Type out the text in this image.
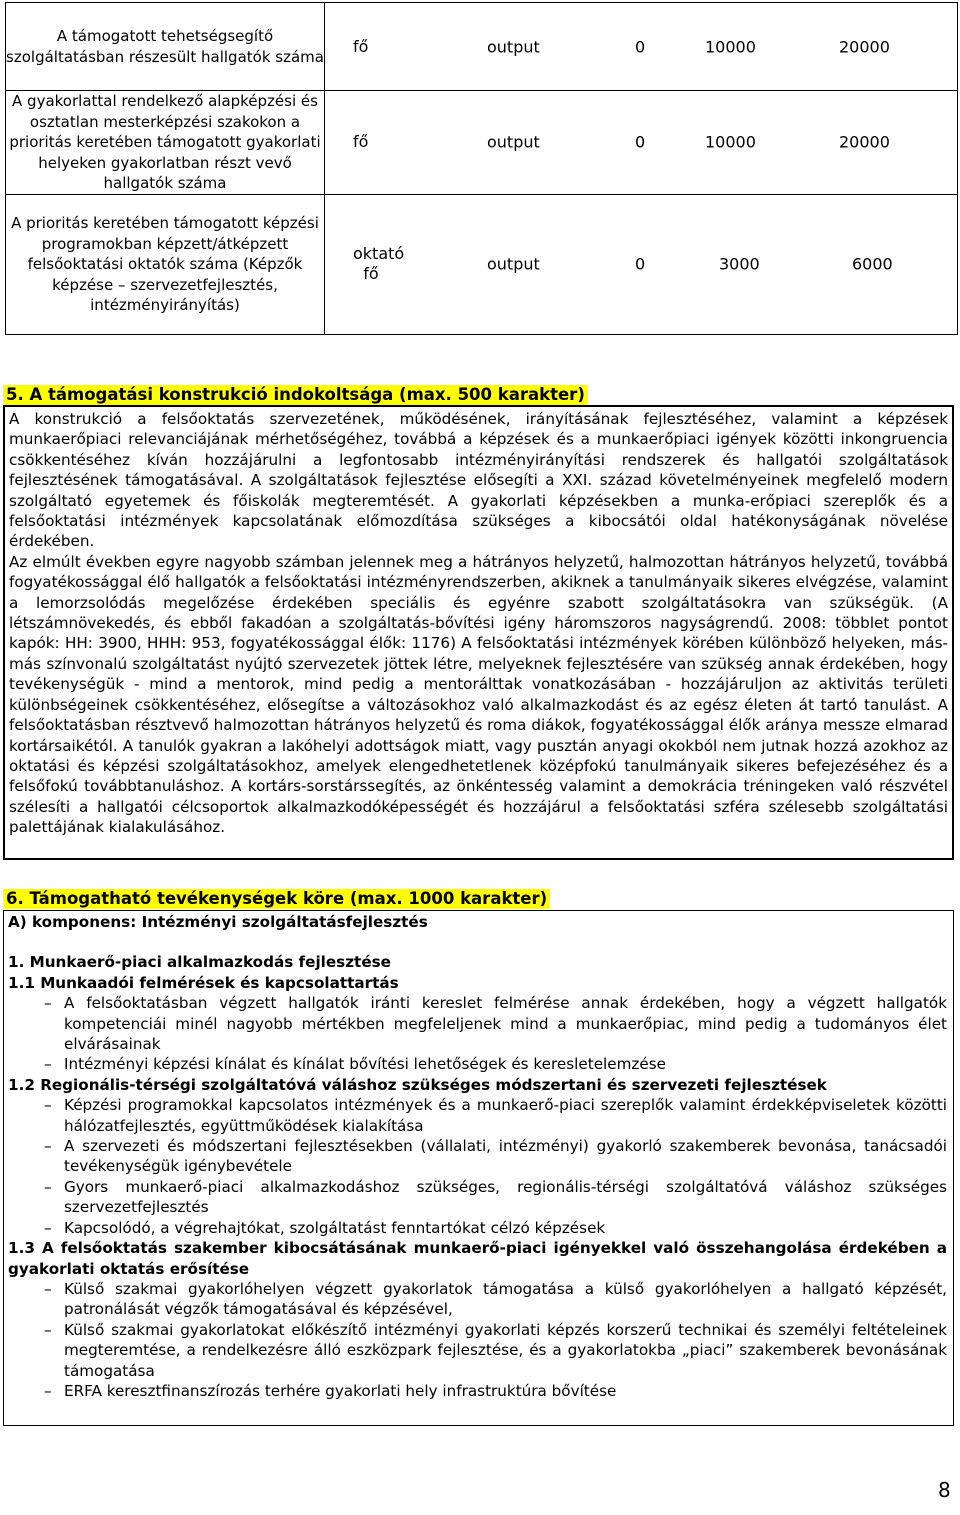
A támogatott tehetségsegítő szolgáltatásban részesült hallgatók száma	fő output 0 10000 20000

A gyakorlattal rendelkező alapképzési és osztatlan mesterképzési szakokon a prioritás keretében támogatott gyakorlati helyeken gyakorlatban részt vevő hallgatók száma	fő output 0 10000 20000

A prioritás keretében támogatott képzési programokban képzett/átképzett felsőoktatási oktatók száma (Képzők képzése – szervezetfejlesztés, intézményirányítás)	oktató fő output 0 3000 6000
5. A támogatási konstrukció indokoltsága (max. 500 karakter)

A konstrukció a felsőoktatás szervezetének, működésének, irányításának fejlesztéséhez, valamint a képzések munkaerőpiaci relevanciájának mérhetőségéhez, továbbá a képzések és a munkaerőpiaci igények közötti inkongruencia csökkentéséhez kíván hozzájárulni a legfontosabb intézményirányítási rendszerek és hallgatói szolgáltatások fejlesztésének támogatásával. A szolgáltatások fejlesztése elősegíti a XXI. század követelményeinek megfelelő modern szolgáltató egyetemek és főiskolák megteremtését. A gyakorlati képzésekben a munka-erőpiaci szereplők és a felsőoktatási intézmények kapcsolatának előmozdítása szükséges a kibocsátói oldal hatékonyságának növelése érdekében.

Az elmúlt években egyre nagyobb számban jelennek meg a hátrányos helyzetű, halmozottan hátrányos helyzetű, továbbá fogyatékossággal élő hallgatók a felsőoktatási intézményrendszerben, akiknek a tanulmányaik sikeres elvégzése, valamint a lemorzsolódás megelőzése érdekében speciális és egyénre szabott szolgáltatásokra van szükségük. (A létszámnövekedés, és ebből fakadóan a szolgáltatás-bővítési igény háromszoros nagyságrendű. 2008: többlet pontot kapók: HH: 3900, HHH: 953, fogyatékossággal élők: 1176) A felsőoktatási intézmények körében különböző helyeken, más-más színvonalú szolgáltatást nyújtó szervezetek jöttek létre, melyeknek fejlesztésére van szükség annak érdekében, hogy tevékenységük - mind a mentorok, mind pedig a mentorálttak vonatkozásában - hozzájáruljon az aktivitás területi különbségeinek csökkentéséhez, elősegítse a változásokhoz való alkalmazkodást és az egész életen át tartó tanulást. A felsőoktatásban résztvevő halmozottan hátrányos helyzetű és roma diákok, fogyatékossággal élők aránya messze elmarad kortársaikétól. A tanulók gyakran a lakóhelyi adottságok miatt, vagy pusztán anyagi okokból nem jutnak hozzá azokhoz az oktatási és képzési szolgáltatásokhoz, amelyek elengedhetetlenek középfokú tanulmányaik sikeres befejezéséhez és a felsőfokú továbbtanuláshoz. A kortárs-sorstárssegítés, az önkéntesség valamint a demokrácia tréningeken való részvétel szélesíti a hallgatói célcsoportok alkalmazkodóképességét és hozzájárul a felsőoktatási szféra szélesebb szolgáltatási palettájának kialakulásához.

6. Támogatható tevékenységek köre (max. 1000 karakter)

A) komponens: Intézményi szolgáltatásfejlesztés

1. Munkaerő-piaci alkalmazkodás fejlesztése

1.1 Munkaadói felmérések és kapcsolattartás

– A felsőoktatásban végzett hallgatók iránti kereslet felmérése annak érdekében, hogy a végzett hallgatók kompetenciái minél nagyobb mértékben megfeleljenek mind a munkaerőpiac, mind pedig a tudományos élet elvárásainak
– Intézményi képzési kínálat és kínálat bővítési lehetőségek és keresletelemzése

1.2 Regionális-térségi szolgáltatóvá váláshoz szükséges módszertani és szervezeti fejlesztések

– Képzési programokkal kapcsolatos intézmények és a munkaerő-piaci szereplők valamint érdekképviseletek közötti hálózatfejlesztés, együttműködések kialakítása
– A szervezeti és módszertani fejlesztésekben (vállalati, intézményi) gyakorló szakemberek bevonása, tanácsadói tevékenységük igénybevétele
– Gyors munkaerő-piaci alkalmazkodáshoz szükséges, regionális-térségi szolgáltatóvá váláshoz szükséges szervezetfejlesztés
– Kapcsolódó, a végrehajtókat, szolgáltatást fenntartókat célzó képzések

1.3 A felsőoktatás szakember kibocsátásának munkaerő-piaci igényekkel való összehangolása érdekében a gyakorlati oktatás erősítése

– Külső szakmai gyakorlóhelyen végzett gyakorlatok támogatása a külső gyakorlóhelyen a hallgató képzését, patronálását végzők támogatásával és képzésével,
– Külső szakmai gyakorlatokat előkészítő intézményi gyakorlati képzés korszerű technikai és személyi feltételeinek megteremtése, a rendelkezésre álló eszközpark fejlesztése, és a gyakorlatokba „piaci” szakemberek bevonásának támogatása
– ERFA keresztfinanszírozás terhére gyakorlati hely infrastruktúra bővítése
8
